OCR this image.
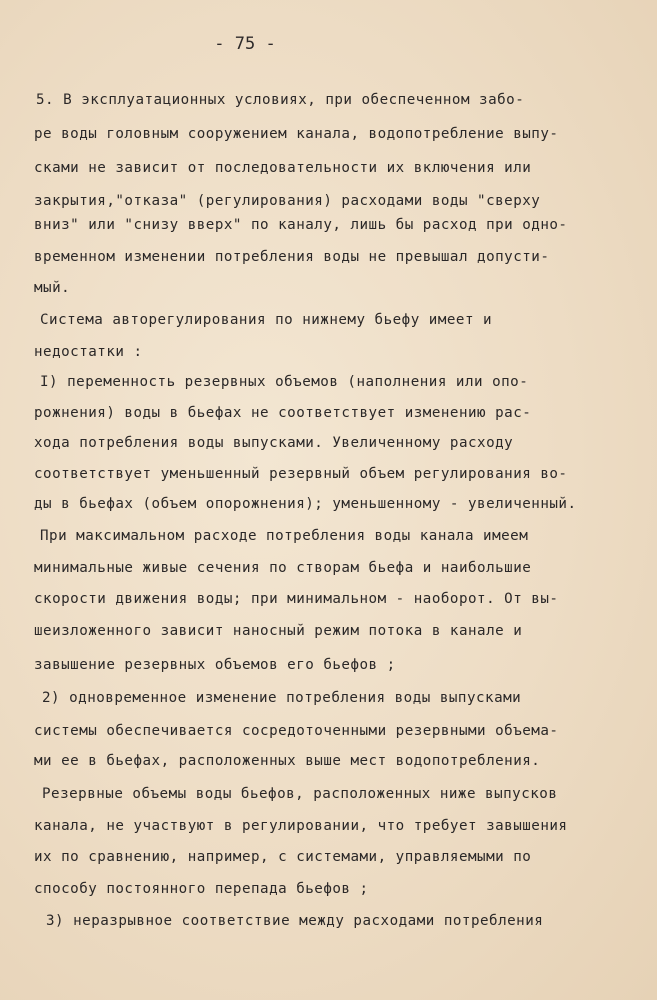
- 75 -
5. В эксплуатационных условиях, при обеспеченном забо-
ре воды головным сооружением канала, водопотребление выпу-
сками не зависит от последовательности их включения или
закрытия,"отказа" (регулирования) расходами воды "сверху
вниз" или "снизу вверх" по каналу, лишь бы расход при одно-
временном изменении потребления воды не превышал допусти-
мый.
Система авторегулирования по нижнему бьефу имеет и
недостатки :
I) переменность резервных объемов (наполнения или опо-
рожнения) воды в бьефах не соответствует изменению рас-
хода потребления воды выпусками. Увеличенному расходу
соответствует уменьшенный резервный объем регулирования во-
ды в бьефах (объем опорожнения); уменьшенному - увеличенный.
При максимальном расходе потребления воды канала имеем
минимальные живые сечения по створам бьефа и наибольшие
скорости движения воды; при минимальном - наоборот. От вы-
шеизложенного зависит наносный режим потока в канале и
завышение резервных объемов его бьефов ;
2) одновременное изменение потребления воды выпусками
системы обеспечивается сосредоточенными резервными объема-
ми ее в бьефах, расположенных выше мест водопотребления.
Резервные объемы воды бьефов, расположенных ниже выпусков
канала, не участвуют в регулировании, что требует завышения
их по сравнению, например, с системами, управляемыми по
способу постоянного перепада бьефов ;
3) неразрывное соответствие между расходами потребления
